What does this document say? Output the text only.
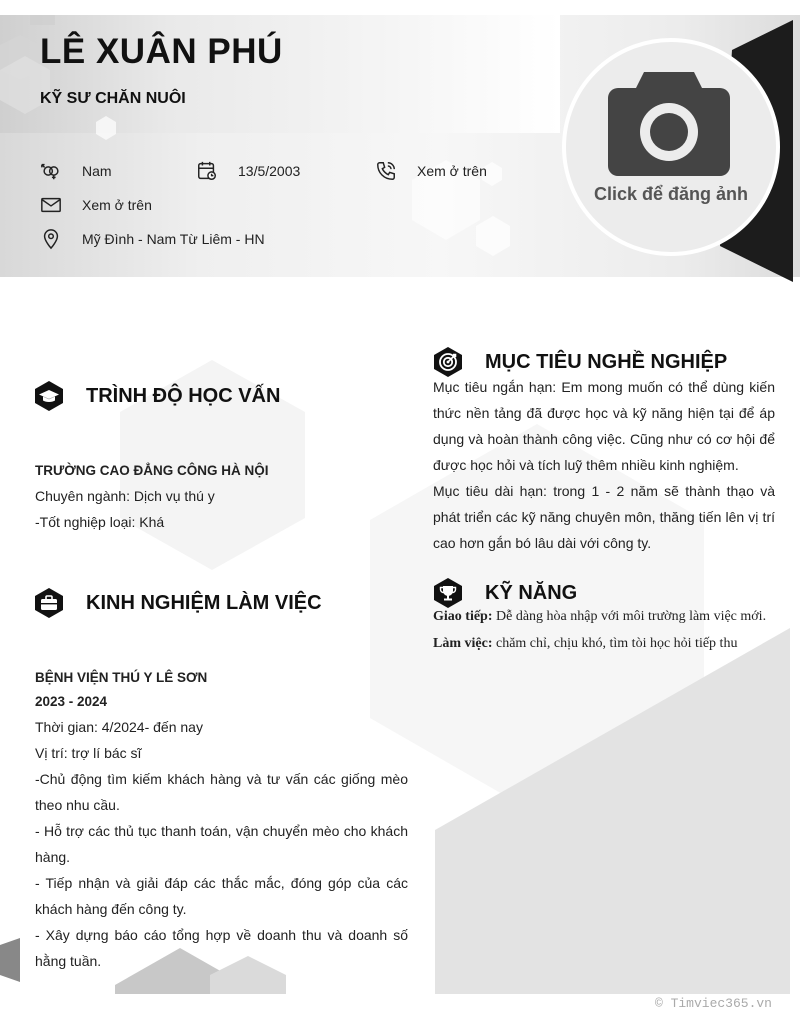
LÊ XUÂN PHÚ
KỸ SƯ CHĂN NUÔI
Nam	13/5/2003	Xem ở trên
Xem ở trên
Mỹ Đình - Nam Từ Liêm - HN
Click để đăng ảnh
TRÌNH ĐỘ HỌC VẤN
TRƯỜNG CAO ĐẲNG CÔNG HÀ NỘI
Chuyên ngành: Dịch vụ thú y
-Tốt nghiệp loại: Khá
KINH NGHIỆM LÀM VIỆC
BỆNH VIỆN THÚ Y LÊ SƠN
2023 - 2024
Thời gian: 4/2024- đến nay
Vị trí: trợ lí bác sĩ
-Chủ động tìm kiếm khách hàng và tư vấn các giống mèo theo nhu cầu.
- Hỗ trợ các thủ tục thanh toán, vận chuyển mèo cho khách hàng.
- Tiếp nhận và giải đáp các thắc mắc, đóng góp của các khách hàng đến công ty.
- Xây dựng báo cáo tổng hợp về doanh thu và doanh số hằng tuần.
MỤC TIÊU NGHỀ NGHIỆP
Mục tiêu ngắn hạn: Em mong muốn có thể dùng kiến thức nền tảng đã được học và kỹ năng hiện tại để áp dụng và hoàn thành công việc. Cũng như có cơ hội để được học hỏi và tích luỹ thêm nhiều kinh nghiệm.
Mục tiêu dài hạn: trong 1 - 2 năm sẽ thành thạo và phát triển các kỹ năng chuyên môn, thăng tiến lên vị trí cao hơn gắn bó lâu dài với công ty.
KỸ NĂNG
Giao tiếp: Dễ dàng hòa nhập với môi trường làm việc mới.
Làm việc: chăm chỉ, chịu khó, tìm tòi học hỏi tiếp thu
© Timviec365.vn
